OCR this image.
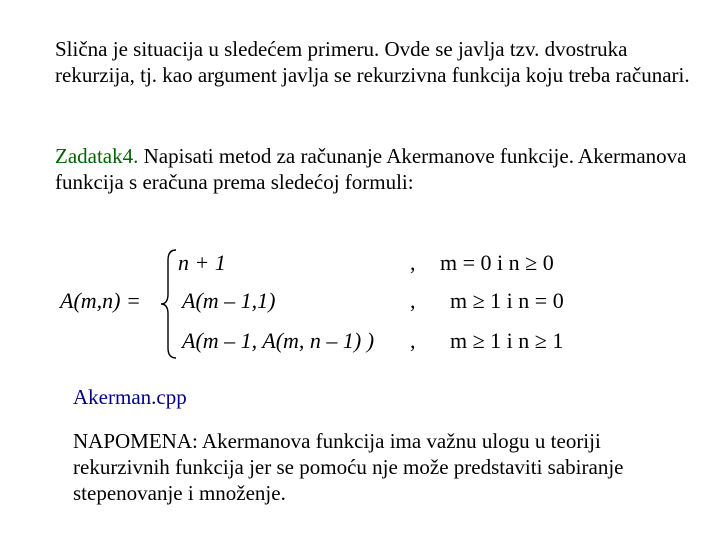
Slična je situacija u sledećem primeru. Ovde se javlja tzv. dvostruka rekurzija, tj. kao argument javlja se rekurzivna funkcija koju treba računari.

Zadatak4. Napisati metod za računanje Akermanove funkcije. Akermanova funkcija s eračuna prema sledećoj formuli:

A(m,n) =
n + 1	, m = 0 i n ≥ 0
A(m – 1,1)	, m ≥ 1 i n = 0
A(m – 1, A(m, n – 1) ) , m ≥ 1 i n ≥ 1
Akerman.cpp

NAPOMENA: Akermanova funkcija ima važnu ulogu u teoriji rekurzivnih funkcija jer se pomoću nje može predstaviti sabiranje stepenovanje i množenje.
